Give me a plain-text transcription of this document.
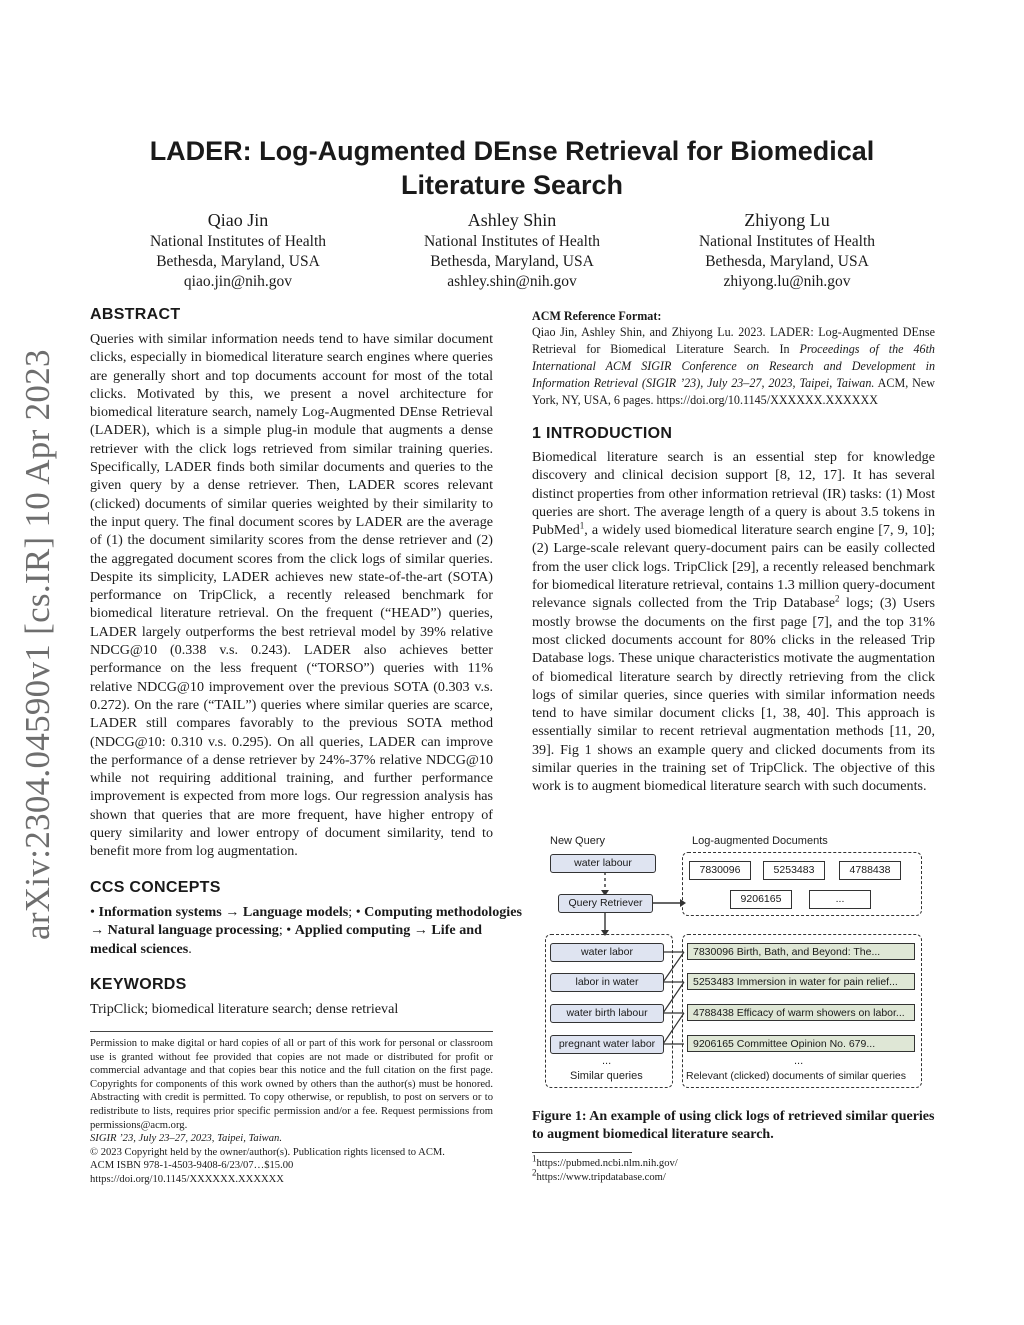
LADER: Log-Augmented DEnse Retrieval for Biomedical
Literature Search
Qiao Jin
National Institutes of Health
Bethesda, Maryland, USA
qiao.jin@nih.gov
Ashley Shin
National Institutes of Health
Bethesda, Maryland, USA
ashley.shin@nih.gov
Zhiyong Lu
National Institutes of Health
Bethesda, Maryland, USA
zhiyong.lu@nih.gov
arXiv:2304.04590v1 [cs.IR] 10 Apr 2023
ABSTRACT

Queries with similar information needs tend to have similar document clicks, especially in biomedical literature search engines where queries are generally short and top documents account for most of the total clicks. Motivated by this, we present a novel architecture for biomedical literature search, namely Log-Augmented DEnse Retrieval (LADER), which is a simple plug-in module that augments a dense retriever with the click logs retrieved from similar training queries. Specifically, LADER finds both similar documents and queries to the given query by a dense retriever. Then, LADER scores relevant (clicked) documents of similar queries weighted by their similarity to the input query. The final document scores by LADER are the average of (1) the document similarity scores from the dense retriever and (2) the aggregated document scores from the click logs of similar queries. Despite its simplicity, LADER achieves new state-of-the-art (SOTA) performance on TripClick, a recently released benchmark for biomedical literature retrieval. On the frequent (“HEAD”) queries, LADER largely outperforms the best retrieval model by 39% relative NDCG@10 (0.338 v.s. 0.243). LADER also achieves better performance on the less frequent (“TORSO”) queries with 11% relative NDCG@10 improvement over the previous SOTA (0.303 v.s. 0.272). On the rare (“TAIL”) queries where similar queries are scarce, LADER still compares favorably to the previous SOTA method (NDCG@10: 0.310 v.s. 0.295). On all queries, LADER can improve the performance of a dense retriever by 24%-37% relative NDCG@10 while not requiring additional training, and further performance improvement is expected from more logs. Our regression analysis has shown that queries that are more frequent, have higher entropy of query similarity and lower entropy of document similarity, tend to benefit more from log augmentation.

CCS CONCEPTS
• Information systems → Language models; • Computing methodologies → Natural language processing; • Applied computing → Life and medical sciences.
KEYWORDS
TripClick; biomedical literature search; dense retrieval
Permission to make digital or hard copies of all or part of this work for personal or classroom use is granted without fee provided that copies are not made or distributed for profit or commercial advantage and that copies bear this notice and the full citation on the first page. Copyrights for components of this work owned by others than the author(s) must be honored. Abstracting with credit is permitted. To copy otherwise, or republish, to post on servers or to redistribute to lists, requires prior specific permission and/or a fee. Request permissions from permissions@acm.org.
SIGIR ’23, July 23–27, 2023, Taipei, Taiwan.
© 2023 Copyright held by the owner/author(s). Publication rights licensed to ACM.
ACM ISBN 978-1-4503-9408-6/23/07…$15.00
https://doi.org/10.1145/XXXXXX.XXXXXX
ACM Reference Format:
Qiao Jin, Ashley Shin, and Zhiyong Lu. 2023. LADER: Log-Augmented DEnse Retrieval for Biomedical Literature Search. In Proceedings of the 46th International ACM SIGIR Conference on Research and Development in Information Retrieval (SIGIR ’23), July 23–27, 2023, Taipei, Taiwan. ACM, New York, NY, USA, 6 pages. https://doi.org/10.1145/XXXXXX.XXXXXX
1 INTRODUCTION

Biomedical literature search is an essential step for knowledge discovery and clinical decision support [8, 12, 17]. It has several distinct properties from other information retrieval (IR) tasks: (1) Most queries are short. The average length of a query is about 3.5 tokens in PubMed$^1$, a widely used biomedical literature search engine [7, 9, 10]; (2) Large-scale relevant query-document pairs can be easily collected from the user click logs. TripClick [29], a recently released benchmark for biomedical literature retrieval, contains 1.3 million query-document relevance signals collected from the Trip Database$^2$ logs; (3) Users mostly browse the documents on the first page [7], and the top 31% most clicked documents account for 80% clicks in the released Trip Database logs. These unique characteristics motivate the augmentation of biomedical literature search by directly retrieving from the click logs of similar queries, since queries with similar information needs tend to have similar document clicks [1, 38, 40]. This approach is essentially similar to recent retrieval augmentation methods [11, 20, 39]. Fig 1 shows an example query and clicked documents from its similar queries in the training set of TripClick. The objective of this work is to augment biomedical literature search with such documents.

New Query
water labour
Query Retriever
Log-augmented Documents
7830096	5253483	4788438
9206165	...
water labor
labor in water
water birth labour
pregnant water labor
...
Similar queries
7830096 Birth, Bath, and Beyond: The...
5253483 Immersion in water for pain relief...
4788438 Efficacy of warm showers on labor...
9206165 Committee Opinion No. 679...
...
Relevant (clicked) documents of similar queries
Figure 1: An example of using click logs of retrieved similar queries to augment biomedical literature search.
$^1$https://pubmed.ncbi.nlm.nih.gov/
$^2$https://www.tripdatabase.com/
